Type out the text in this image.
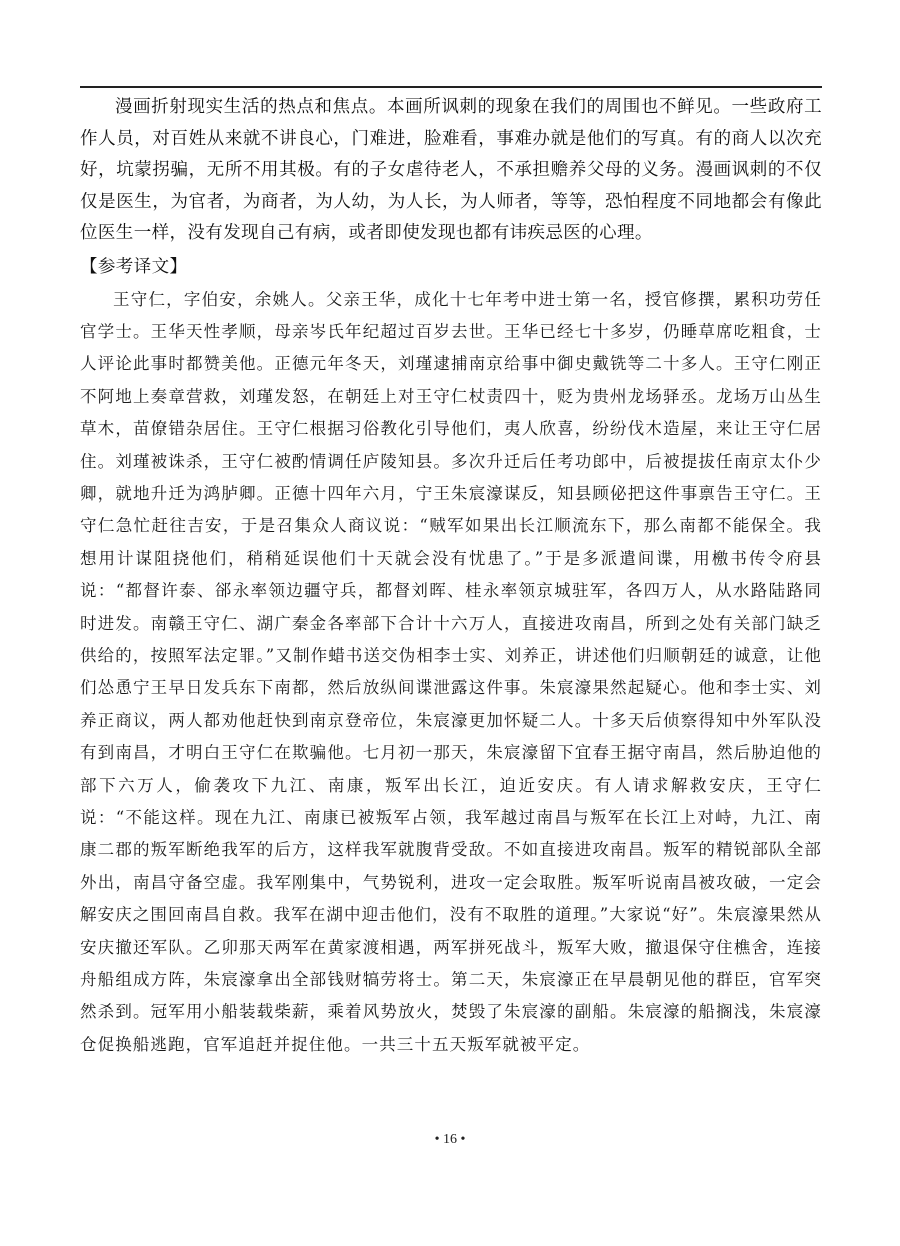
漫画折射现实生活的热点和焦点。本画所讽刺的现象在我们的周围也不鲜见。一些政府工作人员，对百姓从来就不讲良心，门难进，脸难看，事难办就是他们的写真。有的商人以次充好，坑蒙拐骗，无所不用其极。有的子女虐待老人，不承担赡养父母的义务。漫画讽刺的不仅仅是医生，为官者，为商者，为人幼，为人长，为人师者，等等，恐怕程度不同地都会有像此位医生一样，没有发现自己有病，或者即使发现也都有讳疾忌医的心理。

【参考译文】

王守仁，字伯安，余姚人。父亲王华，成化十七年考中进士第一名，授官修撰，累积功劳任官学士。王华天性孝顺，母亲岑氏年纪超过百岁去世。王华已经七十多岁，仍睡草席吃粗食，士人评论此事时都赞美他。正德元年冬天，刘瑾逮捕南京给事中御史戴铣等二十多人。王守仁刚正不阿地上奏章营救，刘瑾发怒，在朝廷上对王守仁杖责四十，贬为贵州龙场驿丞。龙场万山丛生草木，苗僚错杂居住。王守仁根据习俗教化引导他们，夷人欣喜，纷纷伐木造屋，来让王守仁居住。刘瑾被诛杀，王守仁被酌情调任庐陵知县。多次升迁后任考功郎中，后被提拔任南京太仆少卿，就地升迁为鸿胪卿。正德十四年六月，宁王朱宸濠谋反，知县顾佖把这件事禀告王守仁。王守仁急忙赶往吉安，于是召集众人商议说：“贼军如果出长江顺流东下，那么南都不能保全。我想用计谋阻挠他们，稍稍延误他们十天就会没有忧患了。”于是多派遣间谍，用檄书传令府县说：“都督许泰、郤永率领边疆守兵，都督刘晖、桂永率领京城驻军，各四万人，从水路陆路同时进发。南赣王守仁、湖广秦金各率部下合计十六万人，直接进攻南昌，所到之处有关部门缺乏供给的，按照军法定罪。”又制作蜡书送交伪相李士实、刘养正，讲述他们归顺朝廷的诚意，让他们怂恿宁王早日发兵东下南都，然后放纵间谍泄露这件事。朱宸濠果然起疑心。他和李士实、刘养正商议，两人都劝他赶快到南京登帝位，朱宸濠更加怀疑二人。十多天后侦察得知中外军队没有到南昌，才明白王守仁在欺骗他。七月初一那天，朱宸濠留下宜春王据守南昌，然后胁迫他的部下六万人，偷袭攻下九江、南康，叛军出长江，迫近安庆。有人请求解救安庆，王守仁说：“不能这样。现在九江、南康已被叛军占领，我军越过南昌与叛军在长江上对峙，九江、南康二郡的叛军断绝我军的后方，这样我军就腹背受敌。不如直接进攻南昌。叛军的精锐部队全部外出，南昌守备空虚。我军刚集中，气势锐利，进攻一定会取胜。叛军听说南昌被攻破，一定会解安庆之围回南昌自救。我军在湖中迎击他们，没有不取胜的道理。”大家说“好”。朱宸濠果然从安庆撤还军队。乙卯那天两军在黄家渡相遇，两军拼死战斗，叛军大败，撤退保守住樵舍，连接舟船组成方阵，朱宸濠拿出全部钱财犒劳将士。第二天，朱宸濠正在早晨朝见他的群臣，官军突然杀到。冠军用小船装载柴薪，乘着风势放火，焚毁了朱宸濠的副船。朱宸濠的船搁浅，朱宸濠仓促换船逃跑，官军追赶并捉住他。一共三十五天叛军就被平定。

• 16 •
